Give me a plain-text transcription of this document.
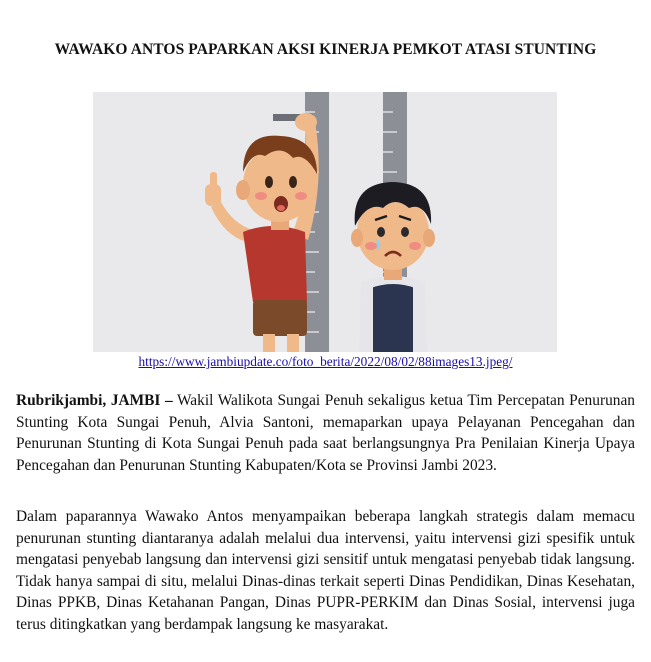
WAWAKO ANTOS PAPARKAN AKSI KINERJA PEMKOT ATASI STUNTING
https://www.jambiupdate.co/foto_berita/2022/08/02/88images13.jpeg/

Rubrikjambi, JAMBI – Wakil Walikota Sungai Penuh sekaligus ketua Tim Percepatan Penurunan Stunting Kota Sungai Penuh, Alvia Santoni, memaparkan upaya Pelayanan Pencegahan dan Penurunan Stunting di Kota Sungai Penuh pada saat berlangsungnya Pra Penilaian Kinerja Upaya Pencegahan dan Penurunan Stunting Kabupaten/Kota se Provinsi Jambi 2023.

Dalam paparannya Wawako Antos menyampaikan beberapa langkah strategis dalam memacu penurunan stunting diantaranya adalah melalui dua intervensi, yaitu intervensi gizi spesifik untuk mengatasi penyebab langsung dan intervensi gizi sensitif untuk mengatasi penyebab tidak langsung. Tidak hanya sampai di situ, melalui Dinas-dinas terkait seperti Dinas Pendidikan, Dinas Kesehatan, Dinas PPKB, Dinas Ketahanan Pangan, Dinas PUPR-PERKIM dan Dinas Sosial, intervensi juga terus ditingkatkan yang berdampak langsung ke masyarakat.
